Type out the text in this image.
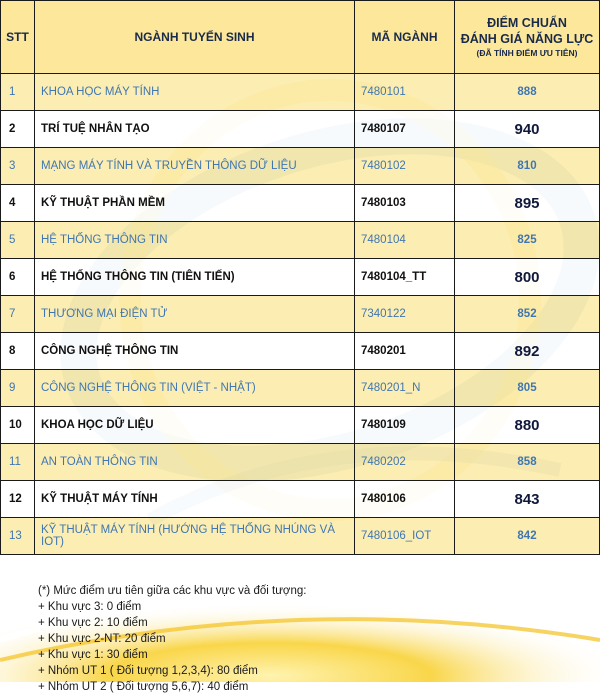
STT	NGÀNH TUYỂN SINH	MÃ NGÀNH	ĐIỂM CHUẨN
ĐÁNH GIÁ NĂNG LỰC
(ĐÃ TÍNH ĐIỂM ƯU TIÊN)

1	KHOA HỌC MÁY TÍNH	7480101	888
2	TRÍ TUỆ NHÂN TẠO	7480107	940
3	MẠNG MÁY TÍNH VÀ TRUYỀN THÔNG DỮ LIỆU	7480102	810
4	KỸ THUẬT PHẦN MỀM	7480103	895
5	HỆ THỐNG THÔNG TIN	7480104	825
6	HỆ THỐNG THÔNG TIN (TIÊN TIẾN)	7480104_TT	800
7	THƯƠNG MẠI ĐIỆN TỬ	7340122	852
8	CÔNG NGHỆ THÔNG TIN	7480201	892
9	CÔNG NGHỆ THÔNG TIN (VIỆT - NHẬT)	7480201_N	805
10	KHOA HỌC DỮ LIỆU	7480109	880
11	AN TOÀN THÔNG TIN	7480202	858
12	KỸ THUẬT MÁY TÍNH	7480106	843
13	KỸ THUẬT MÁY TÍNH (HƯỚNG HỆ THỐNG NHÚNG VÀ IOT)	7480106_IOT	842
(*) Mức điểm ưu tiên giữa các khu vực và đối tượng:
+ Khu vực 3: 0 điểm
+ Khu vực 2: 10 điểm
+ Khu vực 2-NT: 20 điểm
+ Khu vực 1: 30 điểm
+ Nhóm UT 1 ( Đối tượng 1,2,3,4): 80 điểm
+ Nhóm UT 2 ( Đối tượng 5,6,7): 40 điểm
